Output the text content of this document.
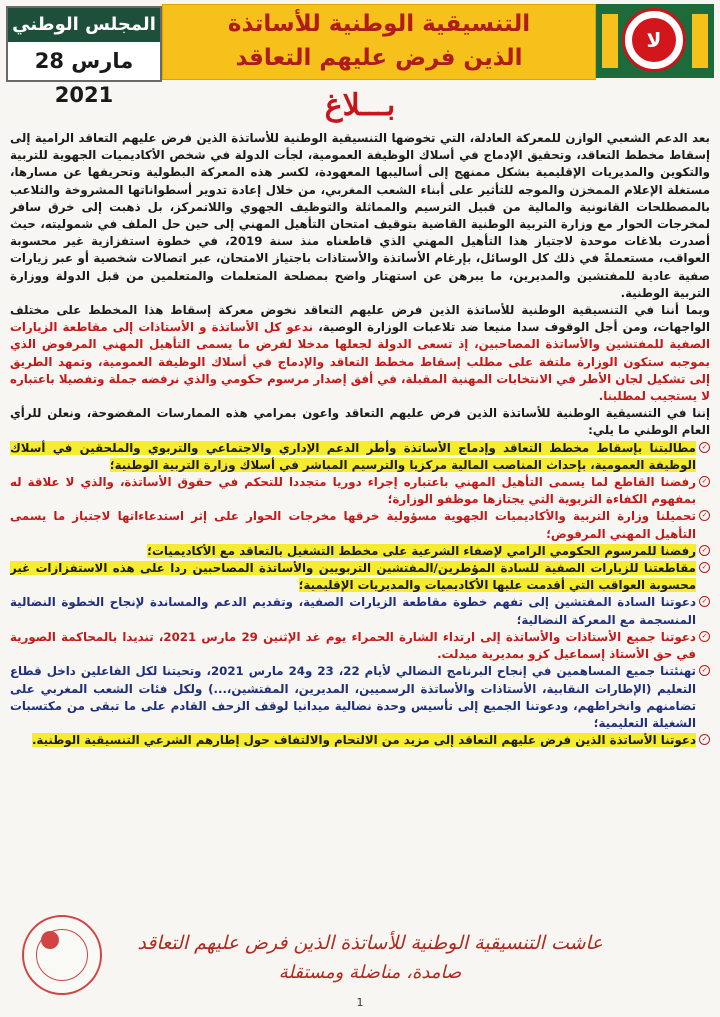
المجلس الوطني
28 مارس 2021
التنسيقية الوطنية للأساتذة
الذين فرض عليهم التعاقد
لا
بـــلاغ

بعد الدعم الشعبي الوازن للمعركة العادلة، التي تخوضها التنسيقية الوطنية للأساتذة الذين فرض عليهم التعاقد الرامية إلى إسقاط مخطط التعاقد، وتحقيق الإدماج في أسلاك الوظيفة العمومية، لجأت الدولة في شخص الأكاديميات الجهوية للتربية والتكوين والمديريات الإقليمية بشكل ممنهج إلى أساليبها المعهودة، لكسر هذه المعركة البطولية وتحريفها عن مسارها، مستغلة الإعلام الممخزن والموجه للتأثير على أبناء الشعب المغربي، من خلال إعادة تدوير أسطواناتها المشروخة والتلاعب بالمصطلحات القانونية والمالية من قبيل الترسيم والمماثلة والتوظيف الجهوي واللاتمركز، بل ذهبت إلى خرق سافر لمخرجات الحوار مع وزارة التربية الوطنية القاضية بتوقيف امتحان التأهيل المهني إلى حين حل الملف في شموليته، حيث أصدرت بلاغات موحدة لاجتياز هذا التأهيل المهني الذي قاطعناه منذ سنة 2019، في خطوة استفزازية غير محسوبة العواقب، مستعملةً في ذلك كل الوسائل، بإرغام الأساتذة والأستاذات باجتياز الامتحان، عبر اتصالات شخصية أو عبر زيارات صفية عادية للمفتشين والمديرين، ما يبرهن عن استهتار واضح بمصلحة المتعلمات والمتعلمين من قبل الدولة ووزارة التربية الوطنية.

وبما أننا في التنسيقية الوطنية للأساتذة الذين فرض عليهم التعاقد نخوض معركة إسقاط هذا المخطط على مختلف الواجهات، ومن أجل الوقوف سدا منيعا ضد تلاعبات الوزارة الوصية، ندعو كل الأساتذة و الأستاذات إلى مقاطعة الزيارات الصفية للمفتشين والأساتذة المصاحبين، إذ تسعى الدولة لجعلها مدخلا لفرض ما يسمى التأهيل المهني المرفوض الذي بموجبه ستكون الوزارة ملتفة على مطلب إسقاط مخطط التعاقد والإدماج في أسلاك الوظيفة العمومية، وتمهد الطريق إلى تشكيل لجان الأطر في الانتخابات المهنية المقبلة، في أفق إصدار مرسوم حكومي والذي نرفضه جملة وتفصيلا باعتباره لا يستجيب لمطلبنا.

إننا في التنسيقية الوطنية للأساتذة الذين فرض عليهم التعاقد واعون بمرامي هذه الممارسات المفضوحة، ونعلن للرأي العام الوطني ما يلي:

✓
مطالبتنا بإسقاط مخطط التعاقد وإدماج الأساتذة وأطر الدعم الإداري والاجتماعي والتربوي والملحقين في أسلاك الوظيفة العمومية، بإحداث المناصب المالية مركزيا والترسيم المباشر في أسلاك وزارة التربية الوطنية؛

✓
رفضنا القاطع لما يسمى التأهيل المهني باعتباره إجراء دوريا متجددا للتحكم في حقوق الأساتذة، والذي لا علاقة له بمفهوم الكفاءة التربوية التي يجتازها موظفو الوزارة؛

✓
تحميلنا وزارة التربية والأكاديميات الجهوية مسؤولية خرقها مخرجات الحوار على إثر استدعاءاتها لاجتياز ما يسمى التأهيل المهني المرفوض؛

✓
رفضنا للمرسوم الحكومي الرامي لإضفاء الشرعية على مخطط التشغيل بالتعاقد مع الأكاديميات؛

✓
مقاطعتنا للزيارات الصفية للسادة المؤطرين/المفتشين التربويين والأساتذة المصاحبين ردا على هذه الاستفزازات غير محسوبة العواقب التي أقدمت عليها الأكاديميات والمديريات الإقليمية؛

✓
دعوتنا السادة المفتشين إلى تفهم خطوة مقاطعة الزيارات الصفية، وتقديم الدعم والمساندة لإنجاح الخطوة النضالية المنسجمة مع المعركة النضالية؛

✓
دعوتنا جميع الأستاذات والأساتذة إلى ارتداء الشارة الحمراء يوم غد الإثنين 29 مارس 2021، تنديدا بالمحاكمة الصورية في حق الأستاذ إسماعيل كزو بمديرية ميدلت.

✓
تهنئتنا جميع المساهمين في إنجاح البرنامج النضالي لأيام 22، 23 و24 مارس 2021، وتحيتنا لكل الفاعلين داخل قطاع التعليم (الإطارات النقابية، الأستاذات والأساتذة الرسميين، المديرين، المفتشين،...) ولكل فئات الشعب المغربي على تضامنهم وانخراطهم، ودعوتنا الجميع إلى تأسيس وحدة نضالية ميدانيا لوقف الزحف القادم على ما تبقى من مكتسبات الشغيلة التعليمية؛

✓
دعوتنا الأساتذة الذين فرض عليهم التعاقد إلى مزيد من الالتحام والالتفاف حول إطارهم الشرعي التنسيقية الوطنية.

عاشت التنسيقية الوطنية للأساتذة الذين فرض عليهم التعاقد
صامدة، مناضلة ومستقلة
1
